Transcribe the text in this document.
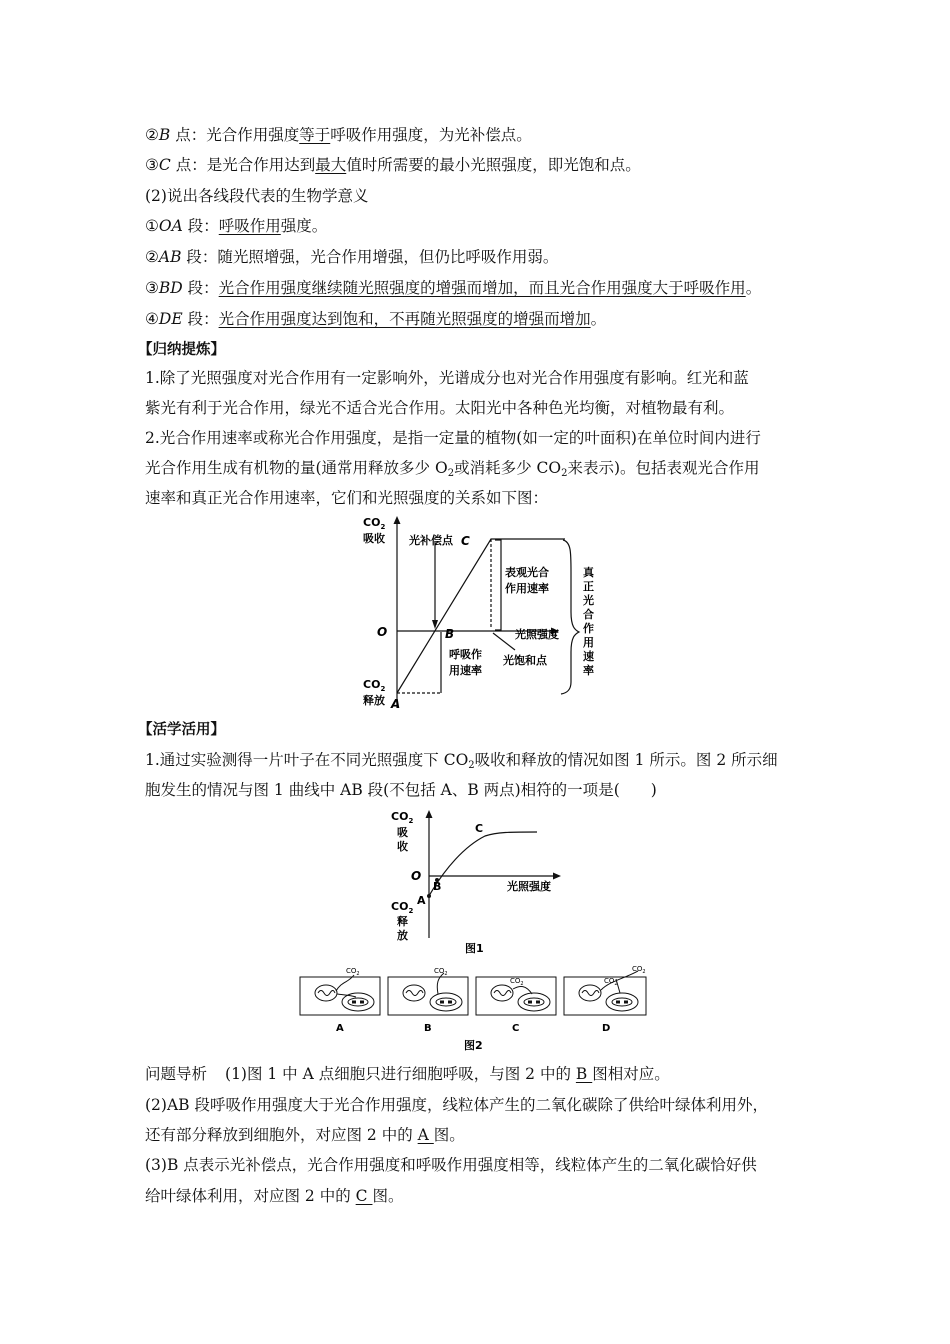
②B 点：光合作用强度等于呼吸作用强度，为光补偿点。
③C 点：是光合作用达到最大值时所需要的最小光照强度，即光饱和点。
(2)说出各线段代表的生物学意义
①OA 段：呼吸作用强度。
②AB 段：随光照增强，光合作用增强，但仍比呼吸作用弱。
③BD 段：光合作用强度继续随光照强度的增强而增加，而且光合作用强度大于呼吸作用。
④DE 段：光合作用强度达到饱和，不再随光照强度的增强而增加。
【归纳提炼】
1.除了光照强度对光合作用有一定影响外，光谱成分也对光合作用强度有影响。红光和蓝
紫光有利于光合作用，绿光不适合光合作用。太阳光中各种色光均衡，对植物最有利。
2.光合作用速率或称光合作用强度，是指一定量的植物(如一定的叶面积)在单位时间内进行
光合作用生成有机物的量(通常用释放多少 $O_2$或消耗多少 $CO_2$来表示)。包括表观光合作用
速率和真正光合作用速率，它们和光照强度的关系如下图：
$CO_2$
吸收
$CO_2$
释放
O
A
B
光补偿点 C
表观光合
作用速率
呼吸作
用速率
光照强度
光饱和点
真
正
光
合
作
用
速
率
【活学活用】
1.通过实验测得一片叶子在不同光照强度下 $CO_2$吸收和释放的情况如图 1 所示。图 2 所示细
胞发生的情况与图 1 曲线中 AB 段(不包括 A、B 两点)相符的一项是(　　)
$CO_2$
吸
收
O
$CO_2$
释
放
A
B
C
光照强度
图1
$CO_2$	$CO_2$
$CO_2$	$CO_2$
$CO_2$
A	B	C	D
图2
问题导析 (1)图 1 中 A 点细胞只进行细胞呼吸，与图 2 中的 B 图相对应。
(2)AB 段呼吸作用强度大于光合作用强度，线粒体产生的二氧化碳除了供给叶绿体利用外，
还有部分释放到细胞外，对应图 2 中的 A 图。
(3)B 点表示光补偿点，光合作用强度和呼吸作用强度相等，线粒体产生的二氧化碳恰好供
给叶绿体利用，对应图 2 中的 C 图。
